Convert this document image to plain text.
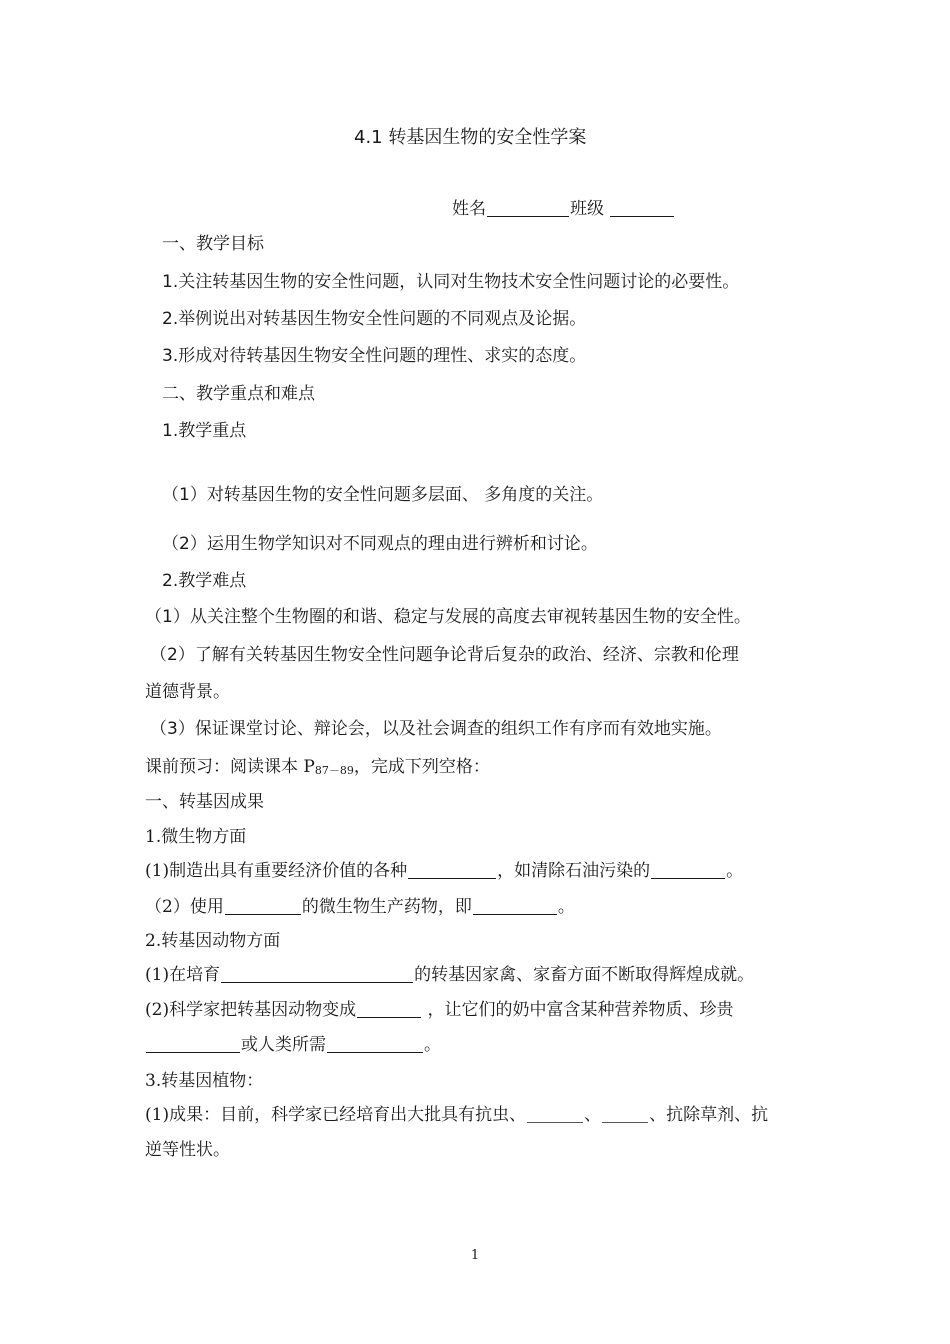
4.1 转基因生物的安全性学案
姓名	班级
一、教学目标
1.关注转基因生物的安全性问题，认同对生物技术安全性问题讨论的必要性。
2.举例说出对转基因生物安全性问题的不同观点及论据。
3.形成对待转基因生物安全性问题的理性、求实的态度。
二、教学重点和难点
1.教学重点
（1）对转基因生物的安全性问题多层面、 多角度的关注。
（2）运用生物学知识对不同观点的理由进行辨析和讨论。
2.教学难点
（1）从关注整个生物圈的和谐、稳定与发展的高度去审视转基因生物的安全性。
（2）了解有关转基因生物安全性问题争论背后复杂的政治、经济、宗教和伦理
道德背景。
（3）保证课堂讨论、辩论会，以及社会调查的组织工作有序而有效地实施。
课前预习：阅读课本 P87－89，完成下列空格：
一、转基因成果
1.微生物方面
(1)制造出具有重要经济价值的各种	，如清除石油污染的	。
（2）使用	的微生物生产药物，即	。
2.转基因动物方面
(1)在培育	的转基因家禽、家畜方面不断取得辉煌成就。
(2)科学家把转基因动物变成	，让它们的奶中富含某种营养物质、珍贵
或人类所需	。
3.转基因植物：
(1)成果：目前，科学家已经培育出大批具有抗虫、	、	、抗除草剂、抗
逆等性状。
1
